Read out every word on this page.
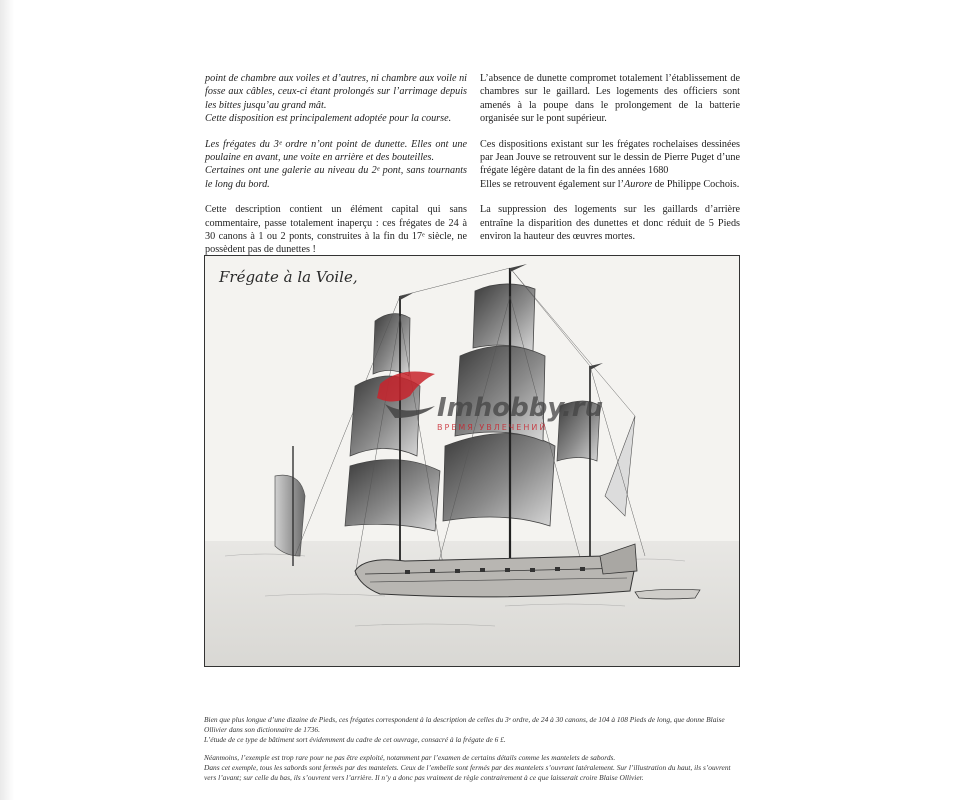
point de chambre aux voiles et d’autres, ni chambre aux voile ni fosse aux câbles, ceux-ci étant prolongés sur l’arrimage depuis les bittes jusqu’au grand mât.
Cette disposition est principalement adoptée pour la course.

Les frégates du 3ᵉ ordre n’ont point de dunette. Elles ont une poulaine en avant, une voite en arrière et des bouteilles.
Certaines ont une galerie au niveau du 2ᵉ pont, sans tournants le long du bord.

Cette description contient un élément capital qui sans commentaire, passe totalement inaperçu : ces frégates de 24 à 30 canons à 1 ou 2 ponts, construites à la fin du 17ᵉ siècle, ne possèdent pas de dunettes !

L’absence de dunette compromet totalement l’établissement de chambres sur le gaillard. Les logements des officiers sont amenés à la poupe dans le prolongement de la batterie organisée sur le pont supérieur.

Ces dispositions existant sur les frégates rochelaises dessinées par Jean Jouve se retrouvent sur le dessin de Pierre Puget d’une frégate légère datant de la fin des années 1680
Elles se retrouvent également sur l’Aurore de Philippe Cochois.

La suppression des logements sur les gaillards d’arrière entraîne la disparition des dunettes et donc réduit de 5 Pieds environ la hauteur des œuvres mortes.

Frégate à la Voile,
Imhobby.ru
ВРЕМЯ УВЛЕЧЕНИЙ

Bien que plus longue d’une dizaine de Pieds, ces frégates correspondent à la description de celles du 3ᵉ ordre, de 24 à 30 canons, de 104 à 108 Pieds de long, que donne Blaise Ollivier dans son dictionnaire de 1736.
L’étude de ce type de bâtiment sort évidemment du cadre de cet ouvrage, consacré à la frégate de 6 £.

Néanmoins, l’exemple est trop rare pour ne pas être exploité, notamment par l’examen de certains détails comme les mantelets de sabords.
Dans cet exemple, tous les sabords sont fermés par des mantelets. Ceux de l’embelle sont fermés par des mantelets s’ouvrant latéralement. Sur l’illustration du haut, ils s’ouvrent vers l’avant; sur celle du bas, ils s’ouvrent vers l’arrière. Il n’y a donc pas vraiment de règle contrairement à ce que laisserait croire Blaise Ollivier.
